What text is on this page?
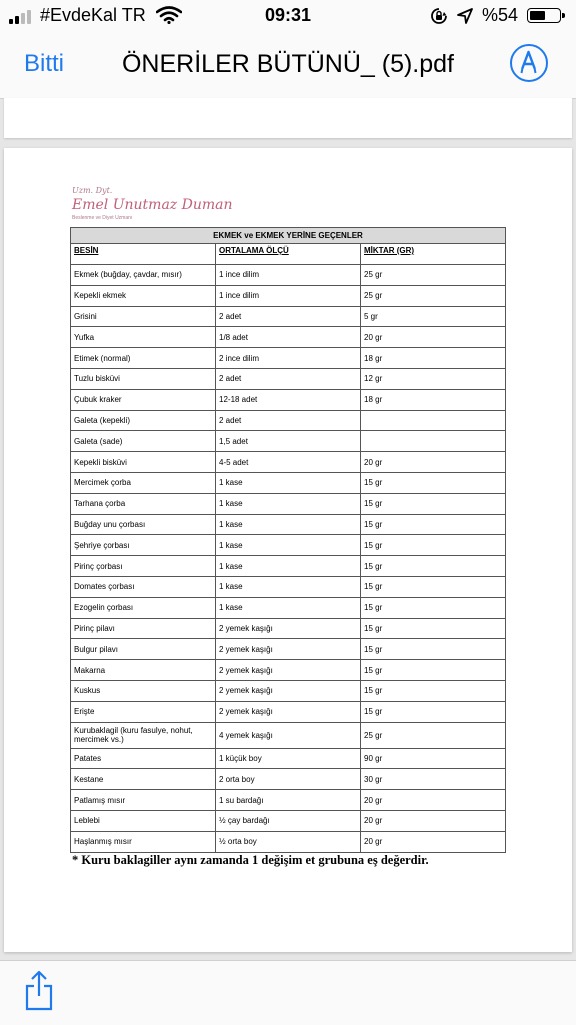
#EvdeKal TR	09:31	%54
Bitti	ÖNERİLER BÜTÜNÜ_ (5).pdf
Uzm. Dyt.
Emel Unutmaz Duman
Beslenme ve Diyet Uzmanı
EKMEK ve EKMEK YERİNE GEÇENLER		
BESİN	ORTALAMA ÖLÇÜ	MİKTAR (GR)
Ekmek (buğday, çavdar, mısır)	1 ince dilim	25 gr
Kepekli ekmek	1 ince dilim	25 gr
Grisini	2 adet	5 gr
Yufka	1/8 adet	20 gr
Etimek (normal)	2 ince dilim	18 gr
Tuzlu bisküvi	2 adet	12 gr
Çubuk kraker	12-18 adet	18 gr
Galeta (kepekli)	2 adet	
Galeta (sade)	1,5 adet	
Kepekli bisküvi	4-5 adet	20 gr
Mercimek çorba	1 kase	15 gr
Tarhana çorba	1 kase	15 gr
Buğday unu çorbası	1 kase	15 gr
Şehriye çorbası	1 kase	15 gr
Pirinç çorbası	1 kase	15 gr
Domates çorbası	1 kase	15 gr
Ezogelin çorbası	1 kase	15 gr
Pirinç pilavı	2 yemek kaşığı	15 gr
Bulgur pilavı	2 yemek kaşığı	15 gr
Makarna	2 yemek kaşığı	15 gr
Kuskus	2 yemek kaşığı	15 gr
Erişte	2 yemek kaşığı	15 gr
Kurubaklagil (kuru fasulye, nohut, mercimek vs.)	4 yemek kaşığı	25 gr
Patates	1 küçük boy	90 gr
Kestane	2 orta boy	30 gr
Patlamış mısır	1 su bardağı	20 gr
Leblebi	½ çay bardağı	20 gr
Haşlanmış mısır	½ orta boy	20 gr
* Kuru baklagiller aynı zamanda 1 değişim et grubuna eş değerdir.
